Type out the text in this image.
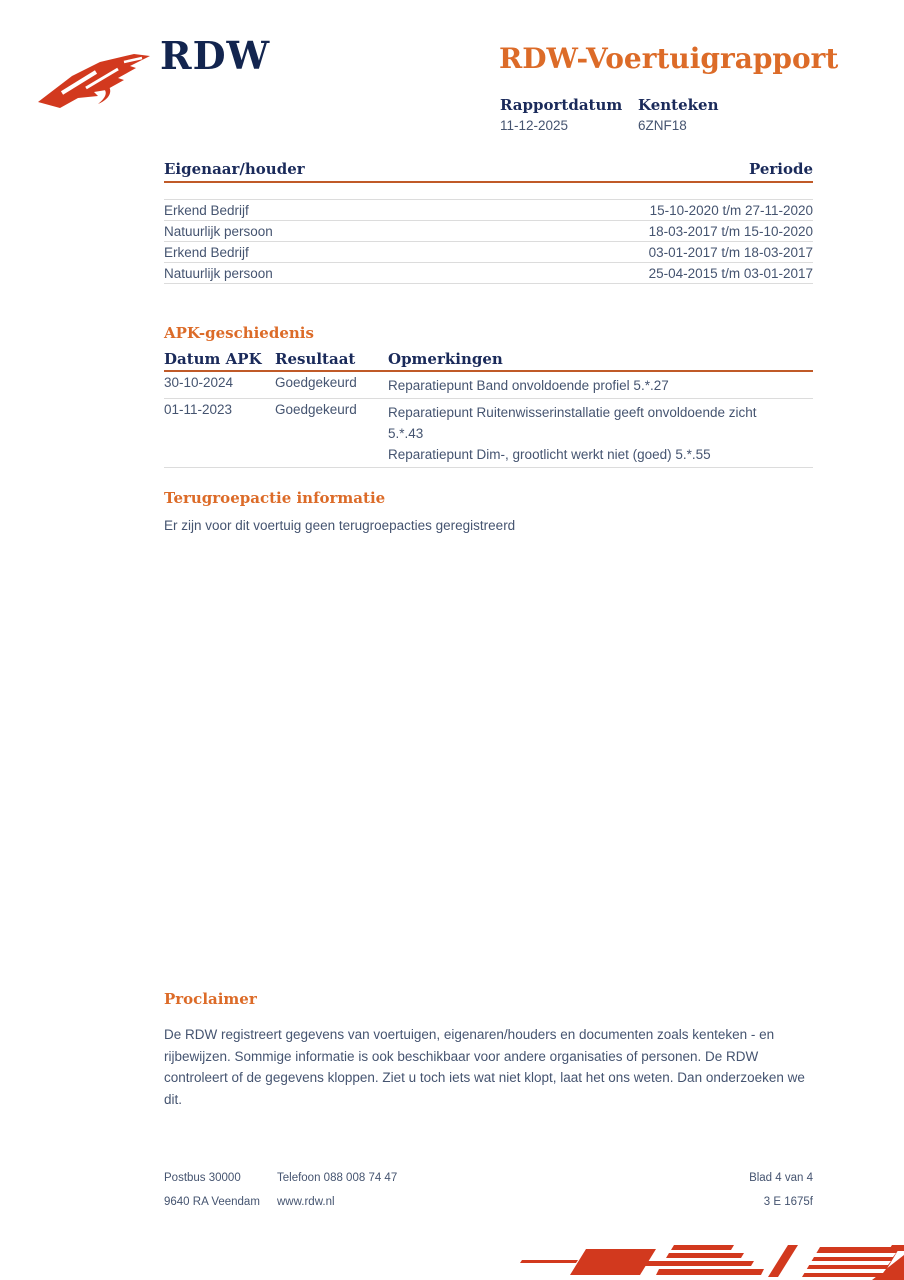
RDW	RDW-Voertuigrapport
Rapportdatum
11-12-2025
Kenteken
6ZNF18
Eigenaar/houder	Periode
Erkend Bedrijf	15-10-2020 t/m 27-11-2020
Natuurlijk persoon	18-03-2017 t/m 15-10-2020
Erkend Bedrijf	03-01-2017 t/m 18-03-2017
Natuurlijk persoon	25-04-2015 t/m 03-01-2017
APK-geschiedenis
Datum APK Resultaat Opmerkingen
30-10-2024	Goedgekeurd Reparatiepunt Band onvoldoende profiel 5.*.27
01-11-2023	Goedgekeurd Reparatiepunt Ruitenwisserinstallatie geeft onvoldoende zicht
5.*.43
Reparatiepunt Dim-, grootlicht werkt niet (goed) 5.*.55
Terugroepactie informatie
Er zijn voor dit voertuig geen terugroepacties geregistreerd
Proclaimer
De RDW registreert gegevens van voertuigen, eigenaren/houders en documenten zoals kenteken - en rijbewijzen. Sommige informatie is ook beschikbaar voor andere organisaties of personen. De RDW controleert of de gegevens kloppen. Ziet u toch iets wat niet klopt, laat het ons weten. Dan onderzoeken we dit.
Postbus 30000	Telefoon 088 008 74 47	Blad 4 van 4
9640 RA Veendam www.rdw.nl	3 E 1675f
